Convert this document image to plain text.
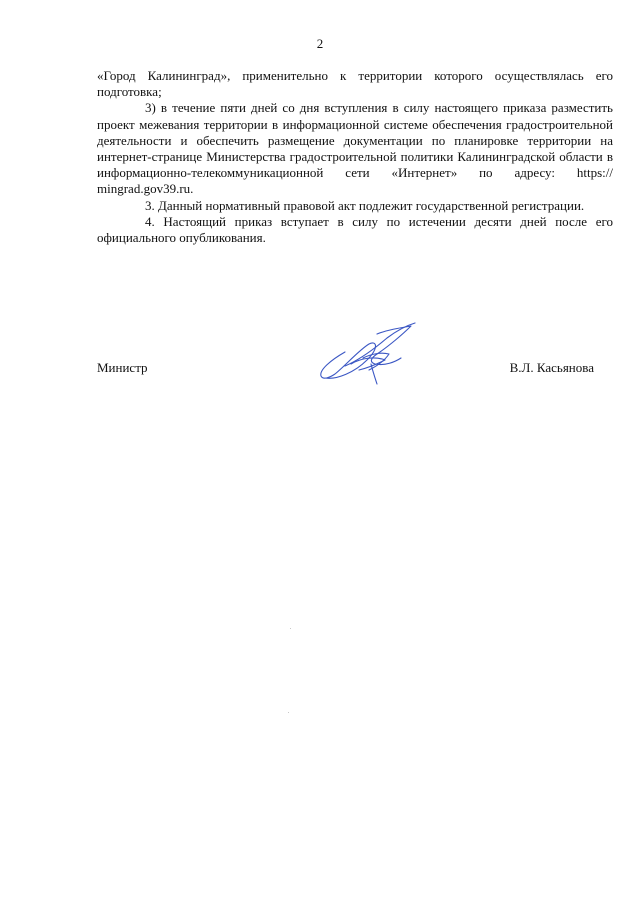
2

«Город Калининград», применительно к территории которого осуществлялась его подготовка;

3) в течение пяти дней со дня вступления в силу настоящего приказа разместить проект межевания территории в информационной системе обеспечения градостроительной деятельности и обеспечить размещение документации по планировке территории на интернет-странице Министерства градостроительной политики Калининградской области в информационно-телекоммуникационной сети «Интернет» по адресу: https:// mingrad.gov39.ru.

3. Данный нормативный правовой акт подлежит государственной регистрации.

4. Настоящий приказ вступает в силу по истечении десяти дней после его официального опубликования.

Министр	В.Л. Касьянова
